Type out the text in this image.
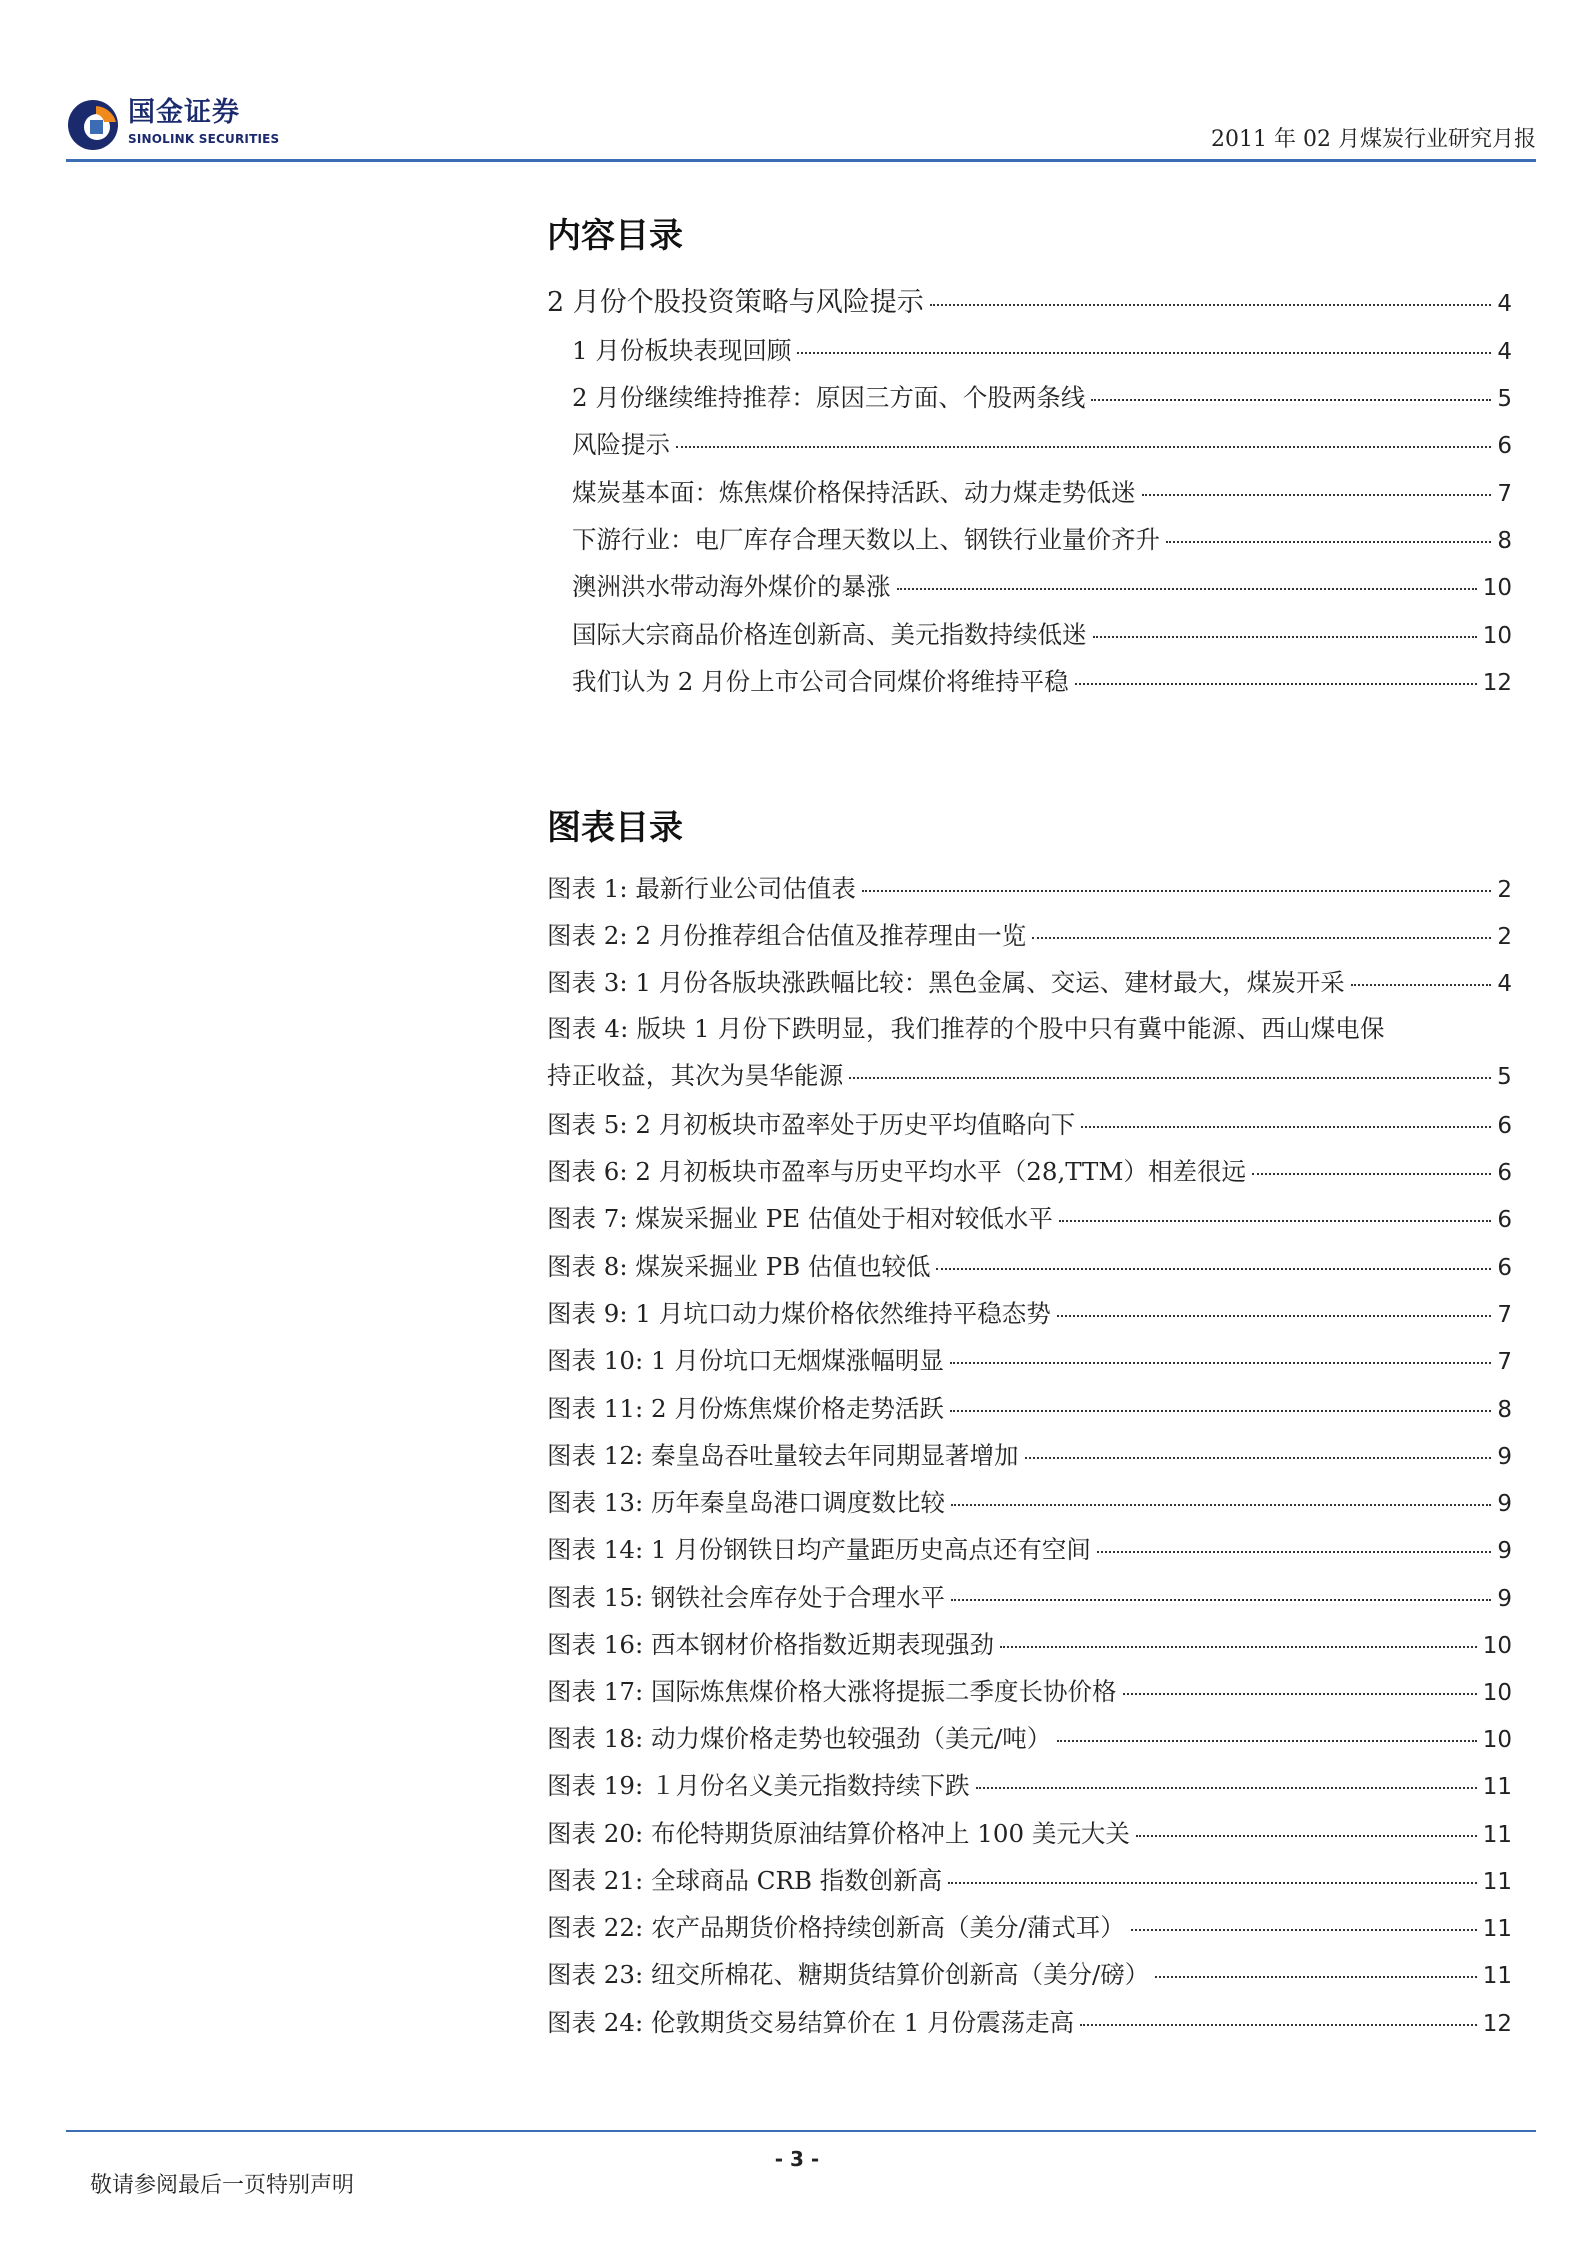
国金证券
SINOLINK SECURITIES	2011 年 02 月煤炭行业研究月报
内容目录
2 月份个股投资策略与风险提示	4
1 月份板块表现回顾	4
2 月份继续维持推荐：原因三方面、个股两条线	5
风险提示	6
煤炭基本面：炼焦煤价格保持活跃、动力煤走势低迷	7
下游行业：电厂库存合理天数以上、钢铁行业量价齐升	8
澳洲洪水带动海外煤价的暴涨	10
国际大宗商品价格连创新高、美元指数持续低迷	10
我们认为 2 月份上市公司合同煤价将维持平稳	12
图表目录
图表 1: 最新行业公司估值表	2
图表 2: 2 月份推荐组合估值及推荐理由一览	2
图表 3: 1 月份各版块涨跌幅比较：黑色金属、交运、建材最大，煤炭开采	4
图表 4: 版块 1 月份下跌明显，我们推荐的个股中只有冀中能源、西山煤电保
持正收益，其次为昊华能源	5
图表 5: 2 月初板块市盈率处于历史平均值略向下	6
图表 6: 2 月初板块市盈率与历史平均水平（28,TTM）相差很远	6
图表 7: 煤炭采掘业 PE 估值处于相对较低水平	6
图表 8: 煤炭采掘业 PB 估值也较低	6
图表 9: 1 月坑口动力煤价格依然维持平稳态势	7
图表 10: 1 月份坑口无烟煤涨幅明显	7
图表 11: 2 月份炼焦煤价格走势活跃	8
图表 12: 秦皇岛吞吐量较去年同期显著增加	9
图表 13: 历年秦皇岛港口调度数比较	9
图表 14: 1 月份钢铁日均产量距历史高点还有空间	9
图表 15: 钢铁社会库存处于合理水平	9
图表 16: 西本钢材价格指数近期表现强劲	10
图表 17: 国际炼焦煤价格大涨将提振二季度长协价格	10
图表 18: 动力煤价格走势也较强劲（美元/吨）	10
图表 19: １月份名义美元指数持续下跌	11
图表 20: 布伦特期货原油结算价格冲上 100 美元大关	11
图表 21: 全球商品 CRB 指数创新高	11
图表 22: 农产品期货价格持续创新高（美分/蒲式耳）	11
图表 23: 纽交所棉花、糖期货结算价创新高（美分/磅）	11
图表 24: 伦敦期货交易结算价在 1 月份震荡走高	12
- 3 -
敬请参阅最后一页特别声明
